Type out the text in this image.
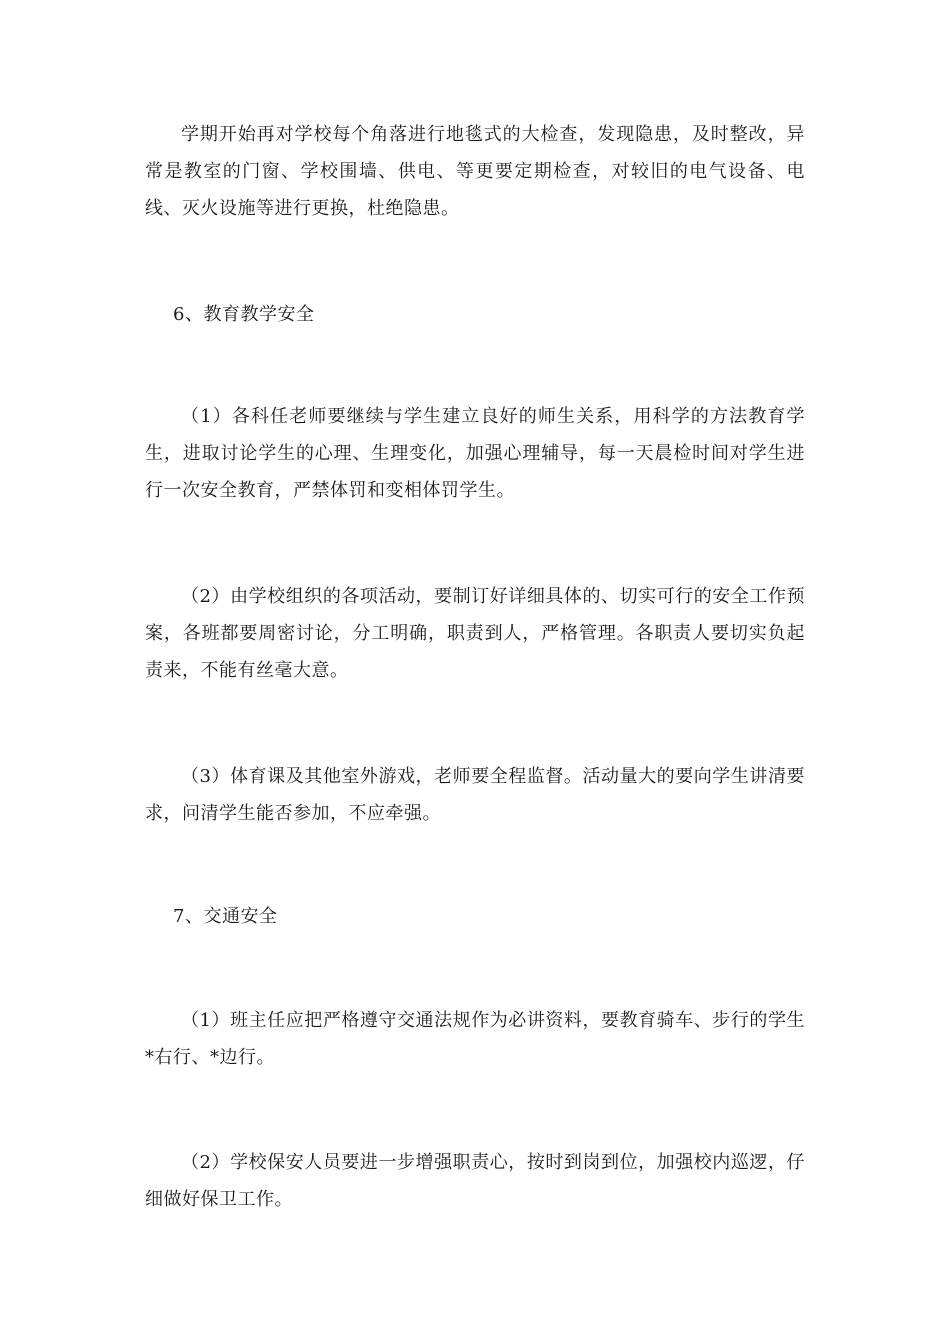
学期开始再对学校每个角落进行地毯式的大检查，发现隐患，及时整改，异常是教室的门窗、学校围墙、供电、等更要定期检查，对较旧的电气设备、电线、灭火设施等进行更换，杜绝隐患。

6、教育教学安全

（1）各科任老师要继续与学生建立良好的师生关系，用科学的方法教育学生，进取讨论学生的心理、生理变化，加强心理辅导，每一天晨检时间对学生进行一次安全教育，严禁体罚和变相体罚学生。

（2）由学校组织的各项活动，要制订好详细具体的、切实可行的安全工作预案，各班都要周密讨论，分工明确，职责到人，严格管理。各职责人要切实负起责来，不能有丝毫大意。

（3）体育课及其他室外游戏，老师要全程监督。活动量大的要向学生讲清要求，问清学生能否参加，不应牵强。

7、交通安全

（1）班主任应把严格遵守交通法规作为必讲资料，要教育骑车、步行的学生*右行、*边行。

（2）学校保安人员要进一步增强职责心，按时到岗到位，加强校内巡逻，仔细做好保卫工作。
